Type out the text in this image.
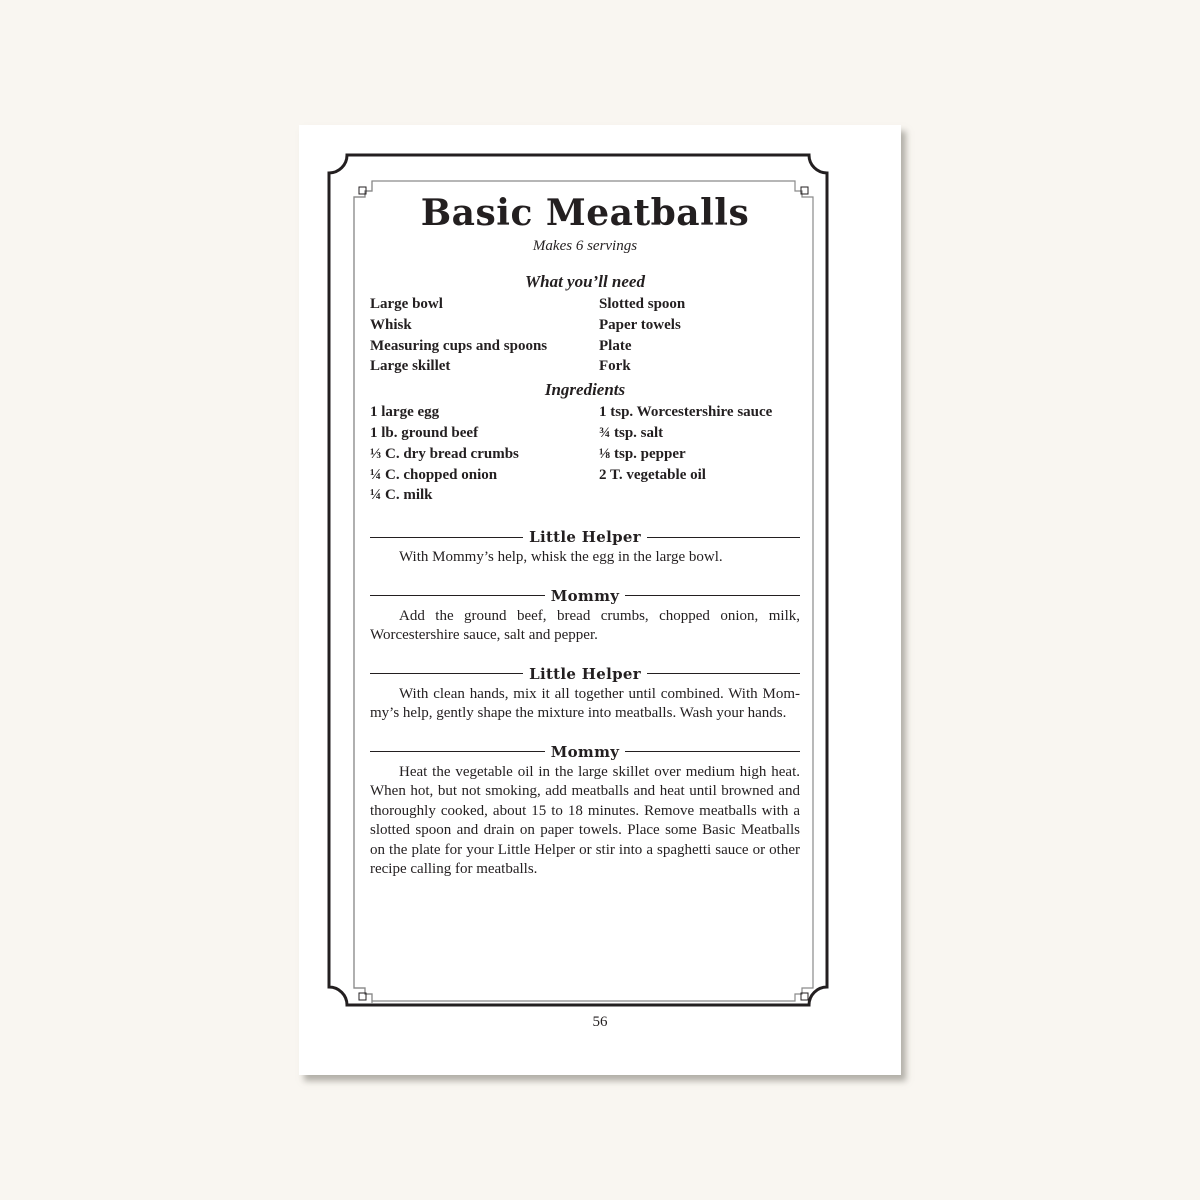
Basic Meatballs
Makes 6 servings
What you’ll need
Large bowl
Whisk
Measuring cups and spoons
Large skillet
Slotted spoon
Paper towels
Plate
Fork
Ingredients
1 large egg
1 lb. ground beef
⅓ C. dry bread crumbs
¼ C. chopped onion
¼ C. milk
1 tsp. Worcestershire sauce
¾ tsp. salt
⅛ tsp. pepper
2 T. vegetable oil
Little Helper

With Mommy’s help, whisk the egg in the large bowl.

Mommy

Add the ground beef, bread crumbs, chopped onion, milk, Worcestershire sauce, salt and pepper.

Little Helper

With clean hands, mix it all together until combined. With Mommy’s help, gently shape the mixture into meatballs. Wash your hands.

Mommy

Heat the vegetable oil in the large skillet over medium high heat. When hot, but not smoking, add meatballs and heat until browned and thoroughly cooked, about 15 to 18 minutes. Remove meatballs with a slotted spoon and drain on paper towels. Place some Basic Meatballs on the plate for your Little Helper or stir into a spaghetti sauce or other recipe calling for meatballs.

56
